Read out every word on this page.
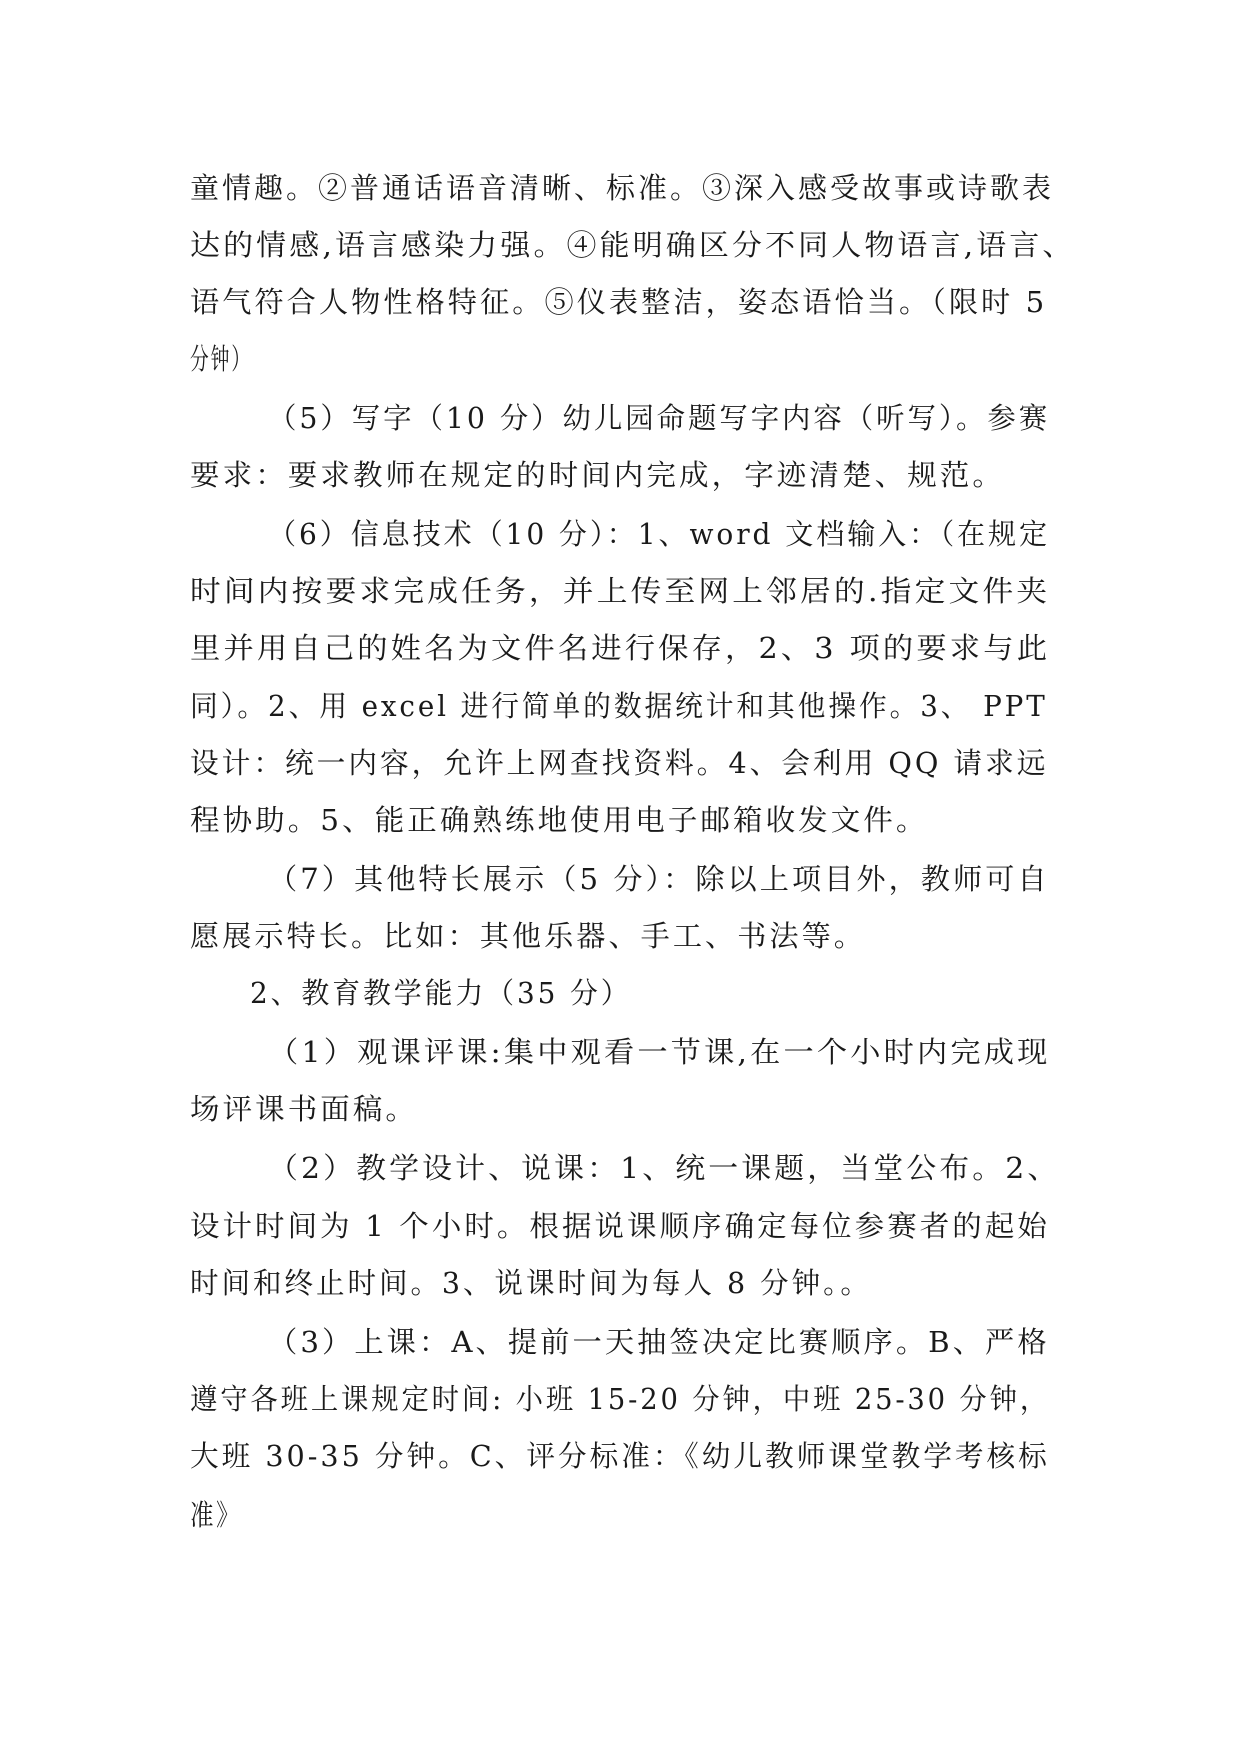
童情趣。②普通话语音清晰、标准。③深入感受故事或诗歌表
达的情感,语言感染力强。④能明确区分不同人物语言,语言、
语气符合人物性格特征。⑤仪表整洁，姿态语恰当。（限时 5
分钟）
（5）写字（10 分）幼儿园命题写字内容（听写）。参赛
要求：要求教师在规定的时间内完成，字迹清楚、规范。
（6）信息技术（10 分）：1、word 文档输入：（在规定
时间内按要求完成任务，并上传至网上邻居的.指定文件夹
里并用自己的姓名为文件名进行保存，2、3 项的要求与此
同）。2、用 excel 进行简单的数据统计和其他操作。3、 PPT
设计：统一内容，允许上网查找资料。4、会利用 QQ 请求远
程协助。5、能正确熟练地使用电子邮箱收发文件。
（7）其他特长展示（5 分）：除以上项目外，教师可自
愿展示特长。比如：其他乐器、手工、书法等。
2、教育教学能力（35 分）
（1）观课评课:集中观看一节课,在一个小时内完成现
场评课书面稿。
（2）教学设计、说课：1、统一课题，当堂公布。2、
设计时间为 1 个小时。根据说课顺序确定每位参赛者的起始
时间和终止时间。3、说课时间为每人 8 分钟。。
（3）上课：A、提前一天抽签决定比赛顺序。B、严格
遵守各班上课规定时间: 小班 15-20 分钟，中班 25-30 分钟，
大班 30-35 分钟。C、评分标准：《幼儿教师课堂教学考核标
准》
